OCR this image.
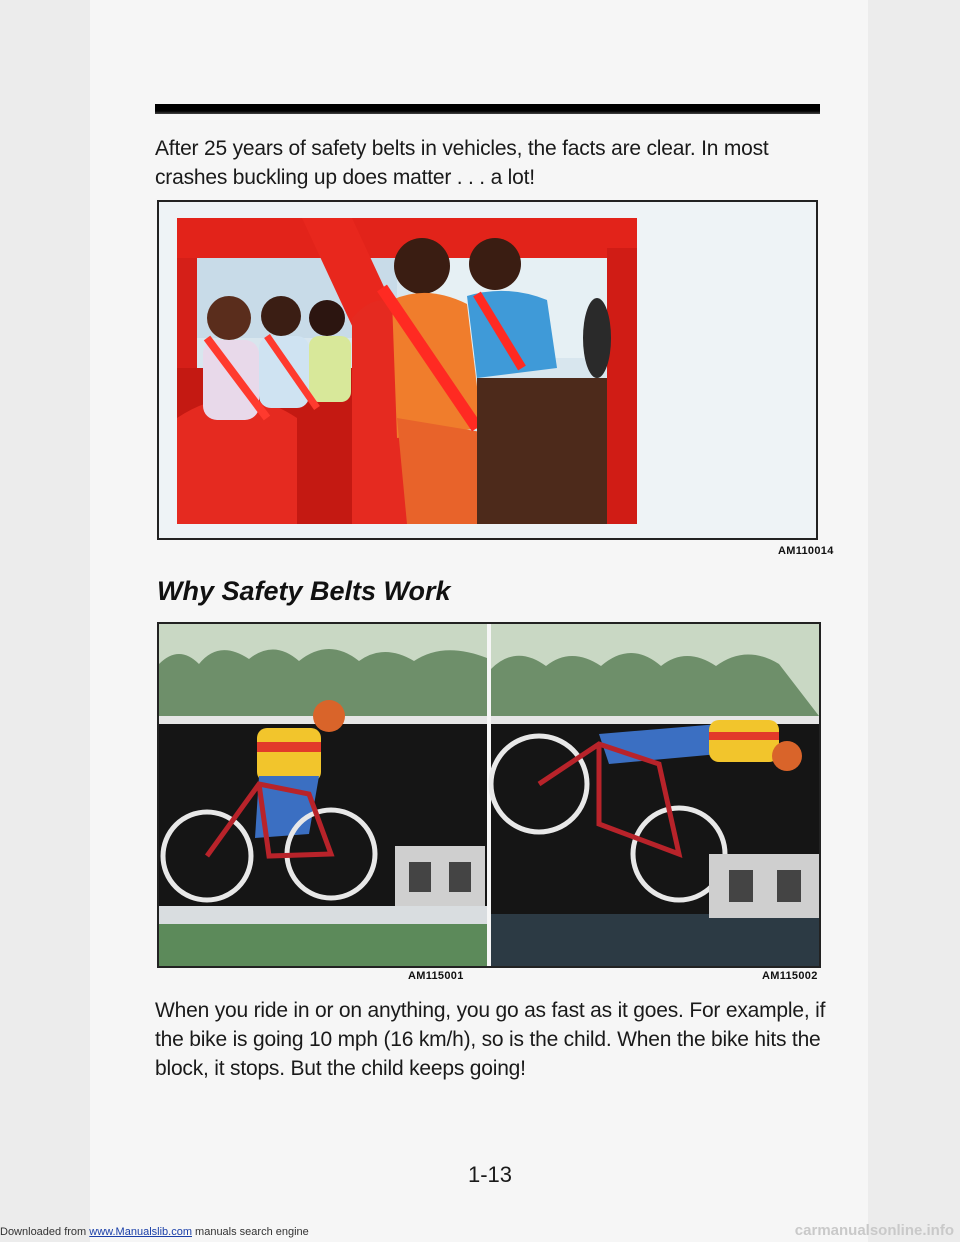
After 25 years of safety belts in vehicles, the facts are clear. In most crashes buckling up does matter . . . a lot!

AM110014
Why Safety Belts Work
AM115001	AM115002

When you ride in or on anything, you go as fast as it goes. For example, if the bike is going 10 mph (16 km/h), so is the child. When the bike hits the block, it stops. But the child keeps going!

1-13
Downloaded from www.Manualslib.com manuals search engine	carmanualsonline.info
